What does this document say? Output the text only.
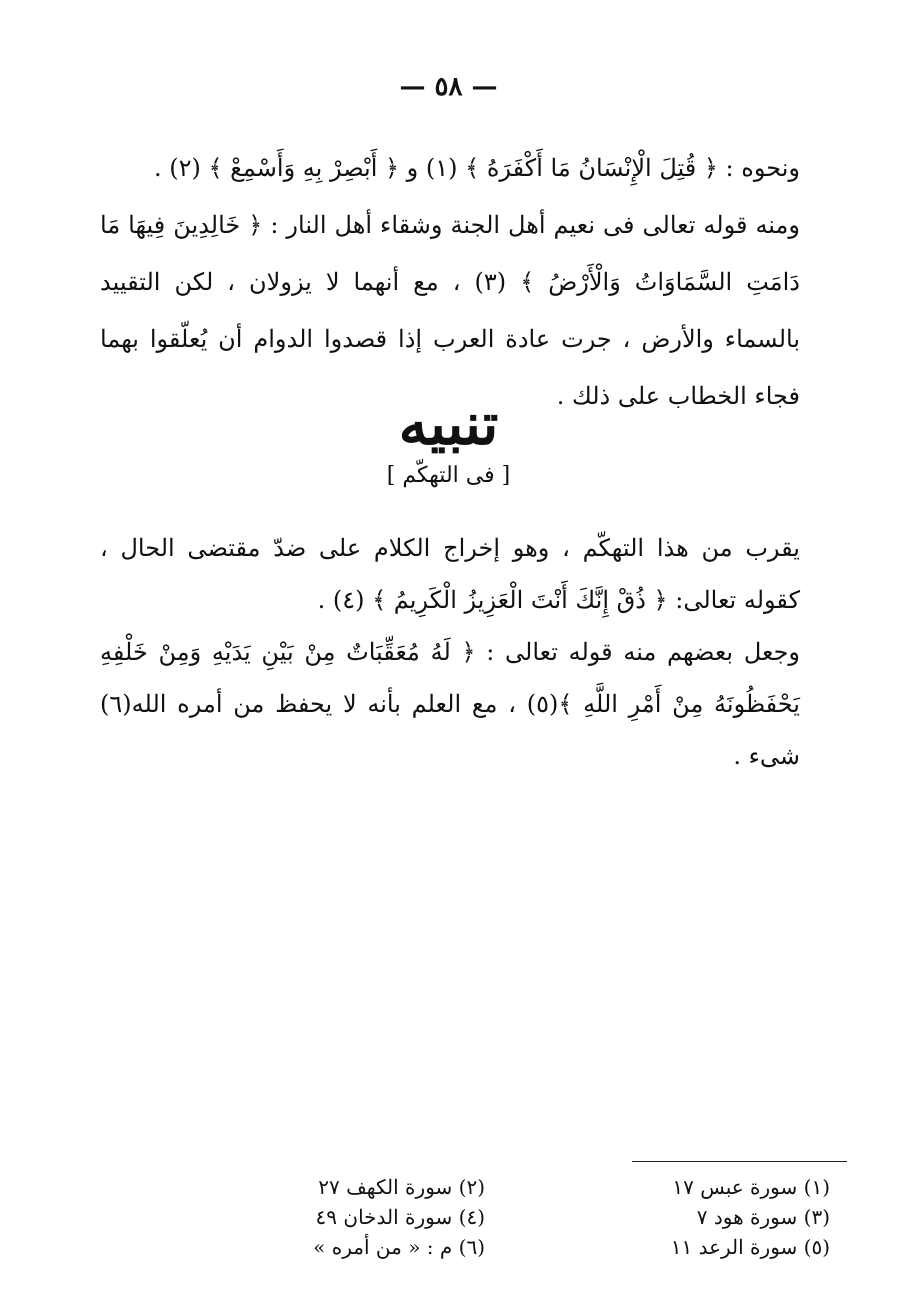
— ٥٨ —

ونحوه : ﴿ قُتِلَ الْإِنْسَانُ مَا أَكْفَرَهُ ﴾ (١) و ﴿ أَبْصِرْ بِهِ وَأَسْمِعْ ﴾ (٢) .

ومنه قوله تعالى فى نعيم أهل الجنة وشقاء أهل النار : ﴿ خَالِدِينَ فِيهَا مَا دَامَتِ السَّمَاوَاتُ وَالْأَرْضُ ﴾ (٣) ، مع أنهما لا يزولان ، لكن التقييد بالسماء والأرض ، جرت عادة العرب إذا قصدوا الدوام أن يُعلّقوا بهما فجاء الخطاب على ذلك .

تنبيه
[ فى التهكّم ]

يقرب من هذا التهكّم ، وهو إخراج الكلام على ضدّ مقتضى الحال ، كقوله تعالى: ﴿ ذُقْ إِنَّكَ أَنْتَ الْعَزِيزُ الْكَرِيمُ ﴾ (٤) .

وجعل بعضهم منه قوله تعالى : ﴿ لَهُ مُعَقِّبَاتٌ مِنْ بَيْنِ يَدَيْهِ وَمِنْ خَلْفِهِ يَحْفَظُونَهُ مِنْ أَمْرِ اللَّهِ ﴾(٥) ، مع العلم بأنه لا يحفظ من أمره الله(٦) شىء .

(١) سورة عبس ١٧
(٢) سورة الكهف ٢٧
(٣) سورة هود ٧
(٤) سورة الدخان ٤٩
(٥) سورة الرعد ١١
(٦) م : « من أمره »
